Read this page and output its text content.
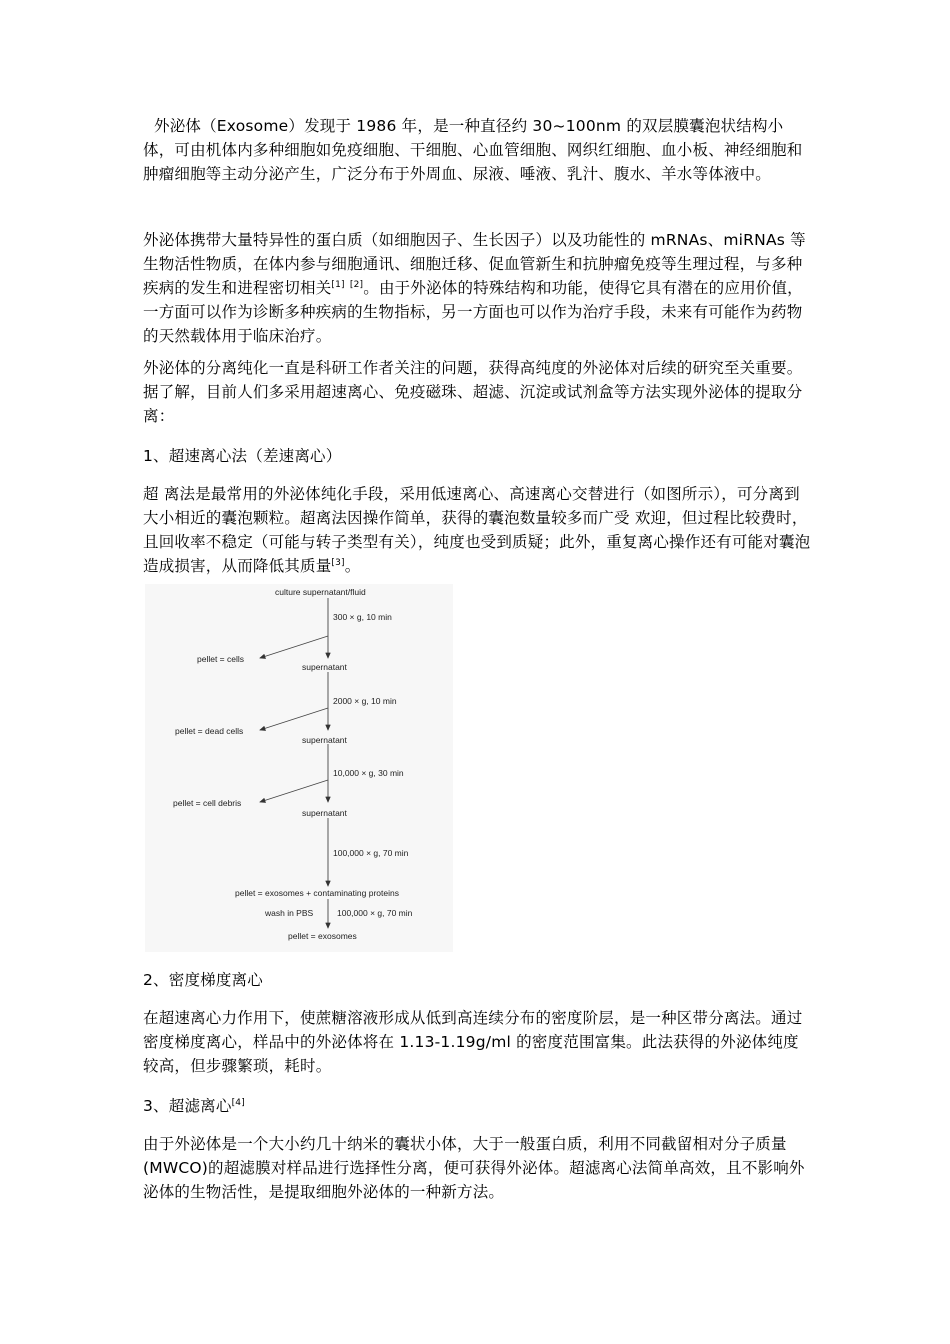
外泌体（Exosome）发现于 1986 年，是一种直径约 30~100nm 的双层膜囊泡状结构小体，可由机体内多种细胞如免疫细胞、干细胞、心血管细胞、网织红细胞、血小板、神经细胞和肿瘤细胞等主动分泌产生，广泛分布于外周血、尿液、唾液、乳汁、腹水、羊水等体液中。

外泌体携带大量特异性的蛋白质（如细胞因子、生长因子）以及功能性的 mRNAs、miRNAs 等生物活性物质，在体内参与细胞通讯、细胞迁移、促血管新生和抗肿瘤免疫等生理过程，与多种疾病的发生和进程密切相关[1] [2]。由于外泌体的特殊结构和功能，使得它具有潜在的应用价值，一方面可以作为诊断多种疾病的生物指标，另一方面也可以作为治疗手段，未来有可能作为药物的天然载体用于临床治疗。

外泌体的分离纯化一直是科研工作者关注的问题，获得高纯度的外泌体对后续的研究至关重要。据了解，目前人们多采用超速离心、免疫磁珠、超滤、沉淀或试剂盒等方法实现外泌体的提取分离：

1、超速离心法（差速离心）

超 离法是最常用的外泌体纯化手段，采用低速离心、高速离心交替进行（如图所示），可分离到大小相近的囊泡颗粒。超离法因操作简单，获得的囊泡数量较多而广受 欢迎，但过程比较费时，且回收率不稳定（可能与转子类型有关），纯度也受到质疑；此外，重复离心操作还有可能对囊泡造成损害，从而降低其质量[3]。

culture supernatant/fluid
300 × g, 10 min
pellet = cells
supernatant
2000 × g, 10 min
pellet = dead cells
supernatant
10,000 × g, 30 min
pellet = cell debris
supernatant
100,000 × g, 70 min
pellet = exosomes + contaminating proteins
wash in PBS	100,000 × g, 70 min
pellet = exosomes

2、密度梯度离心

在超速离心力作用下，使蔗糖溶液形成从低到高连续分布的密度阶层，是一种区带分离法。通过密度梯度离心，样品中的外泌体将在 1.13-1.19g/ml 的密度范围富集。此法获得的外泌体纯度较高，但步骤繁琐，耗时。

3、超滤离心[4]

由于外泌体是一个大小约几十纳米的囊状小体，大于一般蛋白质，利用不同截留相对分子质量(MWCO)的超滤膜对样品进行选择性分离，便可获得外泌体。超滤离心法简单高效，且不影响外泌体的生物活性，是提取细胞外泌体的一种新方法。
